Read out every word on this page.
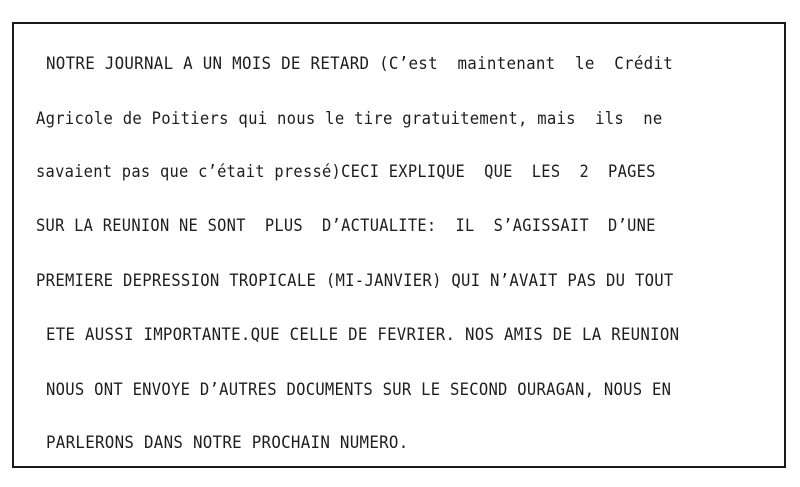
NOTRE JOURNAL A UN MOIS DE RETARD (C’est  maintenant  le  Crédit
Agricole de Poitiers qui nous le tire gratuitement, mais  ils  ne
savaient pas que c’était pressé)CECI EXPLIQUE  QUE  LES  2  PAGES
SUR LA REUNION NE SONT  PLUS  D’ACTUALITE:  IL  S’AGISSAIT  D’UNE
PREMIERE DEPRESSION TROPICALE (MI-JANVIER) QUI N’AVAIT PAS DU TOUT
ETE AUSSI IMPORTANTE.QUE CELLE DE FEVRIER. NOS AMIS DE LA REUNION
NOUS ONT ENVOYE D’AUTRES DOCUMENTS SUR LE SECOND OURAGAN, NOUS EN
PARLERONS DANS NOTRE PROCHAIN NUMERO.
